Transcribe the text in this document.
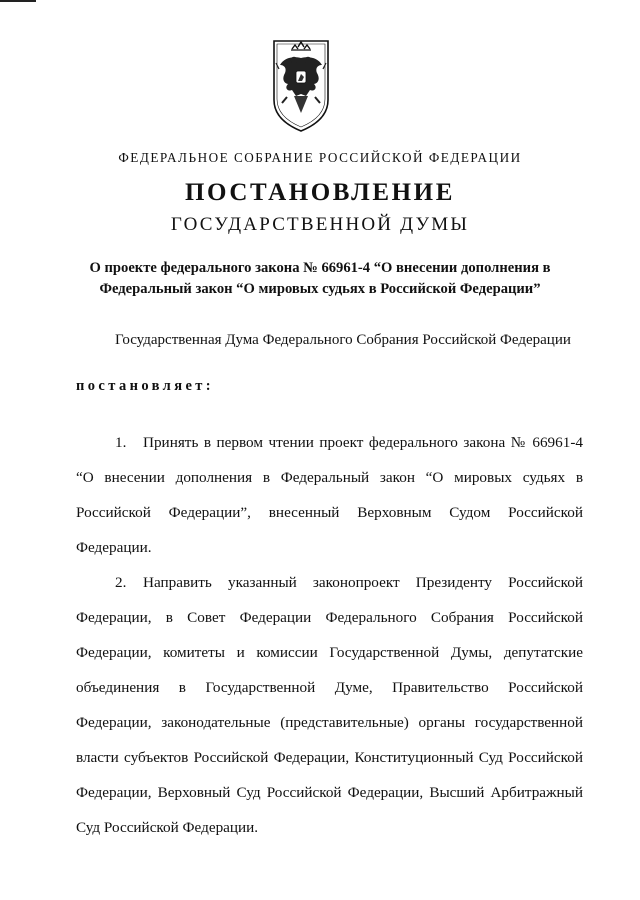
ФЕДЕРАЛЬНОЕ СОБРАНИЕ РОССИЙСКОЙ ФЕДЕРАЦИИ
ПОСТАНОВЛЕНИЕ
ГОСУДАРСТВЕННОЙ ДУМЫ

О проекте федерального закона № 66961-4 “О внесении дополнения в
Федеральный закон “О мировых судьях в Российской Федерации”

Государственная Дума Федерального Собрания Российской Федерации

постановляет:
1. Принять в первом чтении проект федерального закона № 66961-4
“О внесении дополнения в Федеральный закон “О мировых судьях в
Российской Федерации”, внесенный Верховным Судом Российской
Федерации.
2. Направить указанный законопроект Президенту Российской
Федерации, в Совет Федерации Федерального Собрания Российской
Федерации, комитеты и комиссии Государственной Думы, депутатские
объединения в Государственной Думе, Правительство Российской
Федерации, законодательные (представительные) органы государственной
власти субъектов Российской Федерации, Конституционный Суд Российской
Федерации, Верховный Суд Российской Федерации, Высший Арбитражный
Суд Российской Федерации.
